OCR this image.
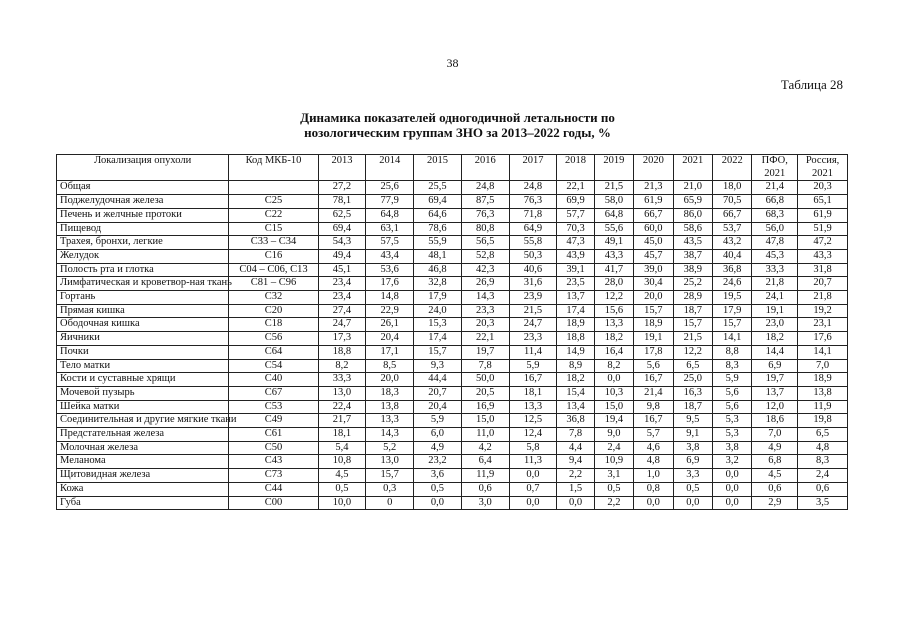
38
Таблица 28
Динамика показателей одногодичной летальности по
нозологическим группам ЗНО за 2013–2022 годы, %
Локализация опухоли	Код МКБ-10	2013	2014	2015	2016	2017	2018	2019	2020	2021	2022	ПФО, 2021	Россия, 2021
Общая		27,2	25,6	25,5	24,8	24,8	22,1	21,5	21,3	21,0	18,0	21,4	20,3
Поджелудочная железа	С25	78,1	77,9	69,4	87,5	76,3	69,9	58,0	61,9	65,9	70,5	66,8	65,1
Печень и желчные протоки	С22	62,5	64,8	64,6	76,3	71,8	57,7	64,8	66,7	86,0	66,7	68,3	61,9
Пищевод	С15	69,4	63,1	78,6	80,8	64,9	70,3	55,6	60,0	58,6	53,7	56,0	51,9
Трахея, бронхи, легкие	С33 – С34	54,3	57,5	55,9	56,5	55,8	47,3	49,1	45,0	43,5	43,2	47,8	47,2
Желудок	С16	49,4	43,4	48,1	52,8	50,3	43,9	43,3	45,7	38,7	40,4	45,3	43,3
Полость рта и глотка	С04 – С06, С13	45,1	53,6	46,8	42,3	40,6	39,1	41,7	39,0	38,9	36,8	33,3	31,8
Лимфатическая и кроветвор-ная ткань	С81 – С96	23,4	17,6	32,8	26,9	31,6	23,5	28,0	30,4	25,2	24,6	21,8	20,7
Гортань	С32	23,4	14,8	17,9	14,3	23,9	13,7	12,2	20,0	28,9	19,5	24,1	21,8
Прямая кишка	С20	27,4	22,9	24,0	23,3	21,5	17,4	15,6	15,7	18,7	17,9	19,1	19,2
Ободочная кишка	С18	24,7	26,1	15,3	20,3	24,7	18,9	13,3	18,9	15,7	15,7	23,0	23,1
Яичники	С56	17,3	20,4	17,4	22,1	23,3	18,8	18,2	19,1	21,5	14,1	18,2	17,6
Почки	С64	18,8	17,1	15,7	19,7	11,4	14,9	16,4	17,8	12,2	8,8	14,4	14,1
Тело матки	С54	8,2	8,5	9,3	7,8	5,9	8,9	8,2	5,6	6,5	8,3	6,9	7,0
Кости и суставные хрящи	С40	33,3	20,0	44,4	50,0	16,7	18,2	0,0	16,7	25,0	5,9	19,7	18,9
Мочевой пузырь	С67	13,0	18,3	20,7	20,5	18,1	15,4	10,3	21,4	16,3	5,6	13,7	13,8
Шейка матки	С53	22,4	13,8	20,4	16,9	13,3	13,4	15,0	9,8	18,7	5,6	12,0	11,9
Соединительная и другие мягкие ткани	С49	21,7	13,3	5,9	15,0	12,5	36,8	19,4	16,7	9,5	5,3	18,6	19,8
Предстательная железа	С61	18,1	14,3	6,0	11,0	12,4	7,8	9,0	5,7	9,1	5,3	7,0	6,5
Молочная железа	С50	5,4	5,2	4,9	4,2	5,8	4,4	2,4	4,6	3,8	3,8	4,9	4,8
Меланома	С43	10,8	13,0	23,2	6,4	11,3	9,4	10,9	4,8	6,9	3,2	6,8	8,3
Щитовидная железа	С73	4,5	15,7	3,6	11,9	0,0	2,2	3,1	1,0	3,3	0,0	4,5	2,4
Кожа	С44	0,5	0,3	0,5	0,6	0,7	1,5	0,5	0,8	0,5	0,0	0,6	0,6
Губа	С00	10,0	0	0,0	3,0	0,0	0,0	2,2	0,0	0,0	0,0	2,9	3,5
